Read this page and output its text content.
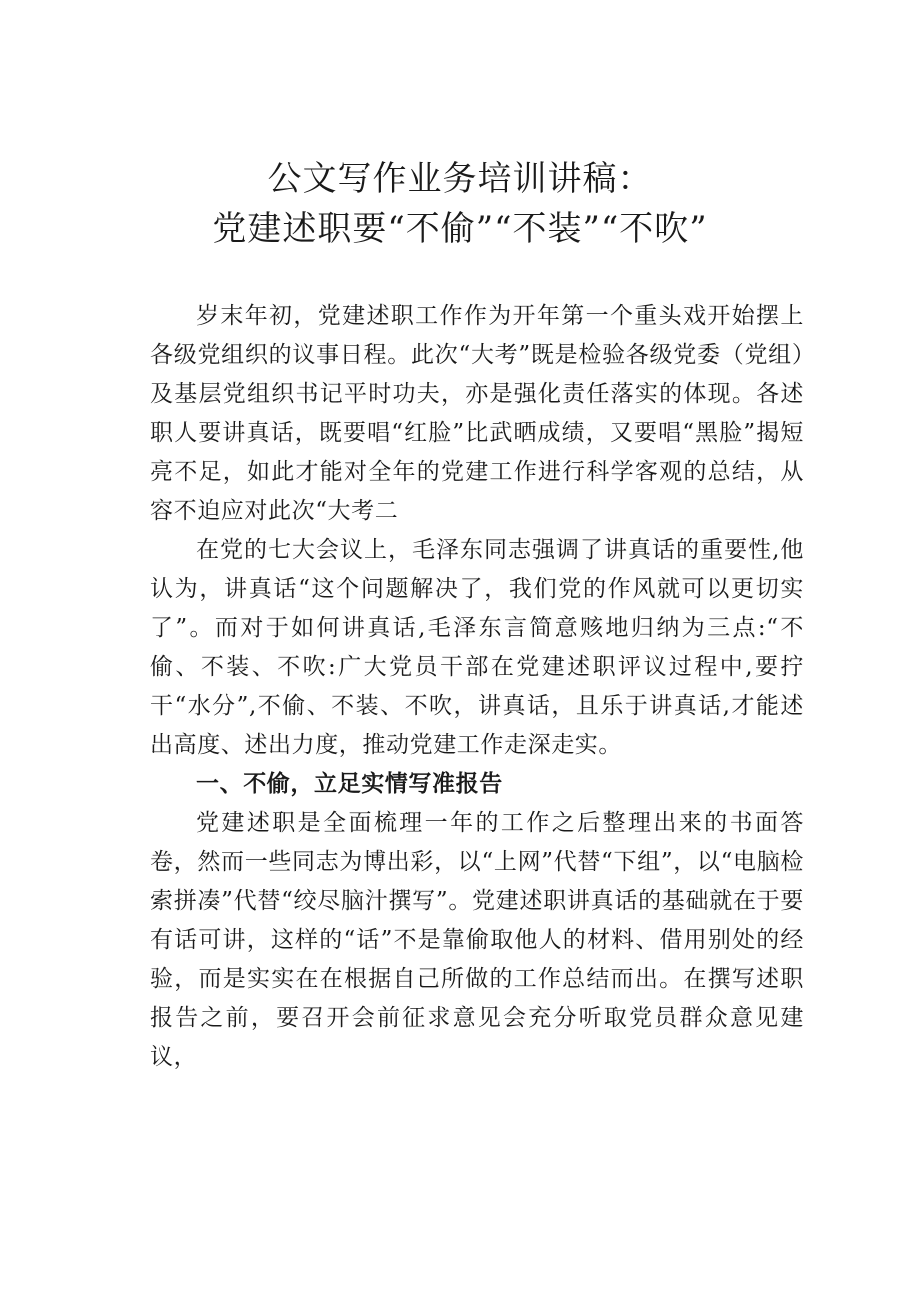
公文写作业务培训讲稿：
党建述职要“不偷”“不装”“不吹”

岁末年初，党建述职工作作为开年第一个重头戏开始摆上各级党组织的议事日程。此次“大考”既是检验各级党委（党组）及基层党组织书记平时功夫，亦是强化责任落实的体现。各述职人要讲真话，既要唱“红脸”比武晒成绩，又要唱“黑脸”揭短亮不足，如此才能对全年的党建工作进行科学客观的总结，从容不迫应对此次“大考二

在党的七大会议上，毛泽东同志强调了讲真话的重要性,他认为，讲真话“这个问题解决了，我们党的作风就可以更切实了”。而对于如何讲真话,毛泽东言简意赅地归纳为三点:“不偷、不装、不吹:广大党员干部在党建述职评议过程中,要拧干“水分”,不偷、不装、不吹，讲真话，且乐于讲真话,才能述出高度、述出力度，推动党建工作走深走实。

一、不偷，立足实情写准报告

党建述职是全面梳理一年的工作之后整理出来的书面答卷，然而一些同志为博出彩，以“上网”代替“下组”，以“电脑检索拼凑”代替“绞尽脑汁撰写”。党建述职讲真话的基础就在于要有话可讲，这样的“话”不是靠偷取他人的材料、借用别处的经验，而是实实在在根据自己所做的工作总结而出。在撰写述职报告之前，要召开会前征求意见会充分听取党员群众意见建议，
